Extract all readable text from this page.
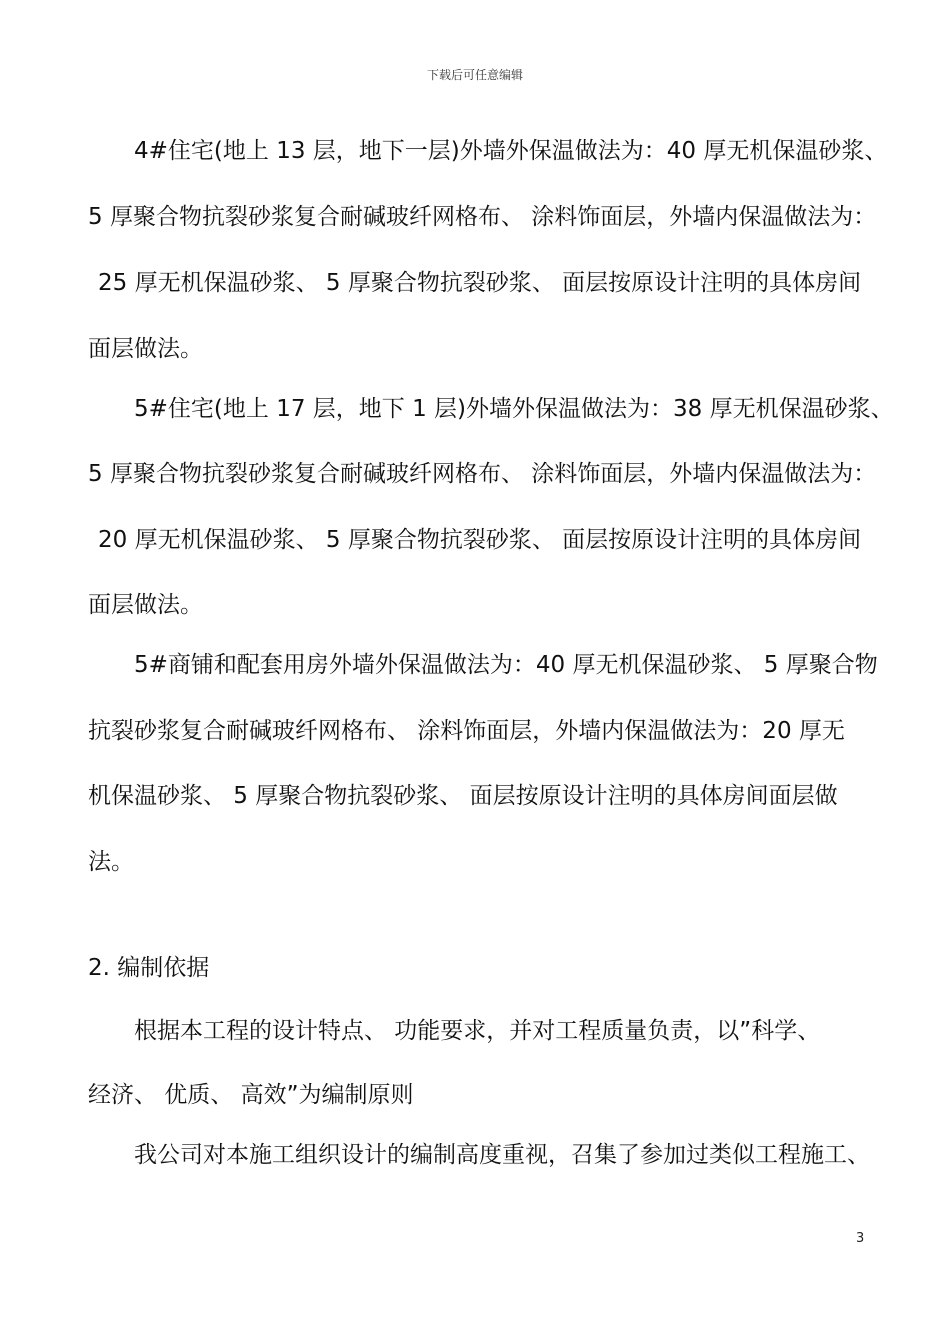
下载后可任意编辑
4#住宅(地上 13 层，地下一层)外墙外保温做法为：40 厚无机保温砂浆、
5 厚聚合物抗裂砂浆复合耐碱玻纤网格布、 涂料饰面层，外墙内保温做法为：
25 厚无机保温砂浆、 5 厚聚合物抗裂砂浆、 面层按原设计注明的具体房间
面层做法。
5#住宅(地上 17 层，地下 1 层)外墙外保温做法为：38 厚无机保温砂浆、
5 厚聚合物抗裂砂浆复合耐碱玻纤网格布、 涂料饰面层，外墙内保温做法为：
20 厚无机保温砂浆、 5 厚聚合物抗裂砂浆、 面层按原设计注明的具体房间
面层做法。
5#商铺和配套用房外墙外保温做法为：40 厚无机保温砂浆、 5 厚聚合物
抗裂砂浆复合耐碱玻纤网格布、 涂料饰面层，外墙内保温做法为：20 厚无
机保温砂浆、 5 厚聚合物抗裂砂浆、 面层按原设计注明的具体房间面层做
法。
2. 编制依据
根据本工程的设计特点、 功能要求，并对工程质量负责，以”科学、
经济、 优质、 高效”为编制原则
我公司对本施工组织设计的编制高度重视，召集了参加过类似工程施工、
3
